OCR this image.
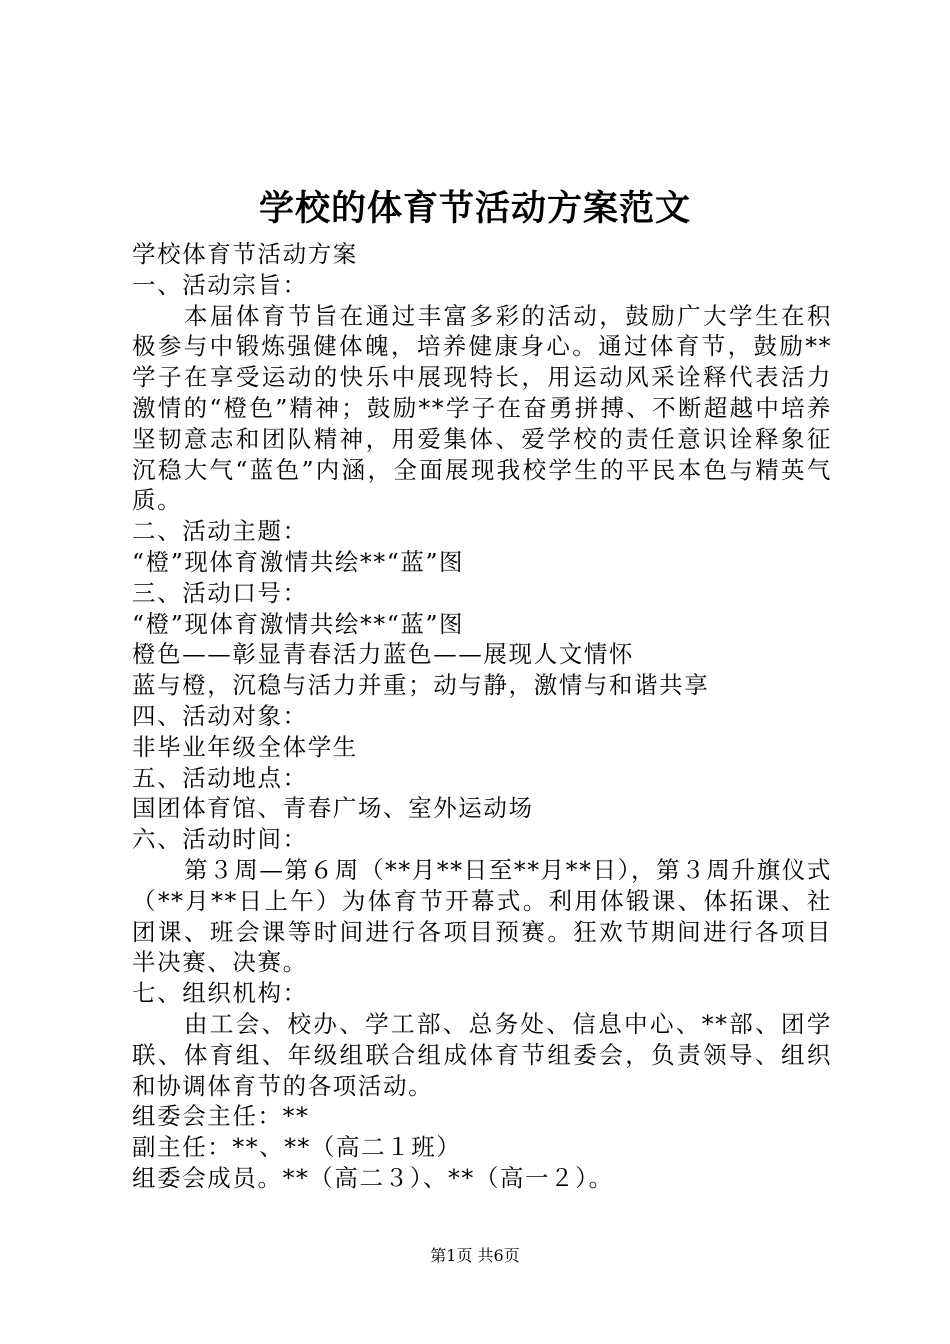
学校的体育节活动方案范文

学校体育节活动方案

一、活动宗旨：

本届体育节旨在通过丰富多彩的活动，鼓励广大学生在积极参与中锻炼强健体魄，培养健康身心。通过体育节，鼓励**学子在享受运动的快乐中展现特长，用运动风采诠释代表活力激情的“橙色”精神；鼓励**学子在奋勇拼搏、不断超越中培养坚韧意志和团队精神，用爱集体、爱学校的责任意识诠释象征沉稳大气“蓝色”内涵，全面展现我校学生的平民本色与精英气质。

二、活动主题：

“橙”现体育激情共绘**“蓝”图

三、活动口号：

“橙”现体育激情共绘**“蓝”图

橙色——彰显青春活力蓝色——展现人文情怀

蓝与橙，沉稳与活力并重；动与静，激情与和谐共享

四、活动对象：

非毕业年级全体学生

五、活动地点：

国团体育馆、青春广场、室外运动场

六、活动时间：

第３周—第６周（**月**日至**月**日），第３周升旗仪式（**月**日上午）为体育节开幕式。利用体锻课、体拓课、社团课、班会课等时间进行各项目预赛。狂欢节期间进行各项目半决赛、决赛。

七、组织机构：

由工会、校办、学工部、总务处、信息中心、**部、团学联、体育组、年级组联合组成体育节组委会，负责领导、组织和协调体育节的各项活动。

组委会主任：**

副主任：**、**（高二１班）

组委会成员。**（高二３）、**（高一２）。

第1页 共6页
